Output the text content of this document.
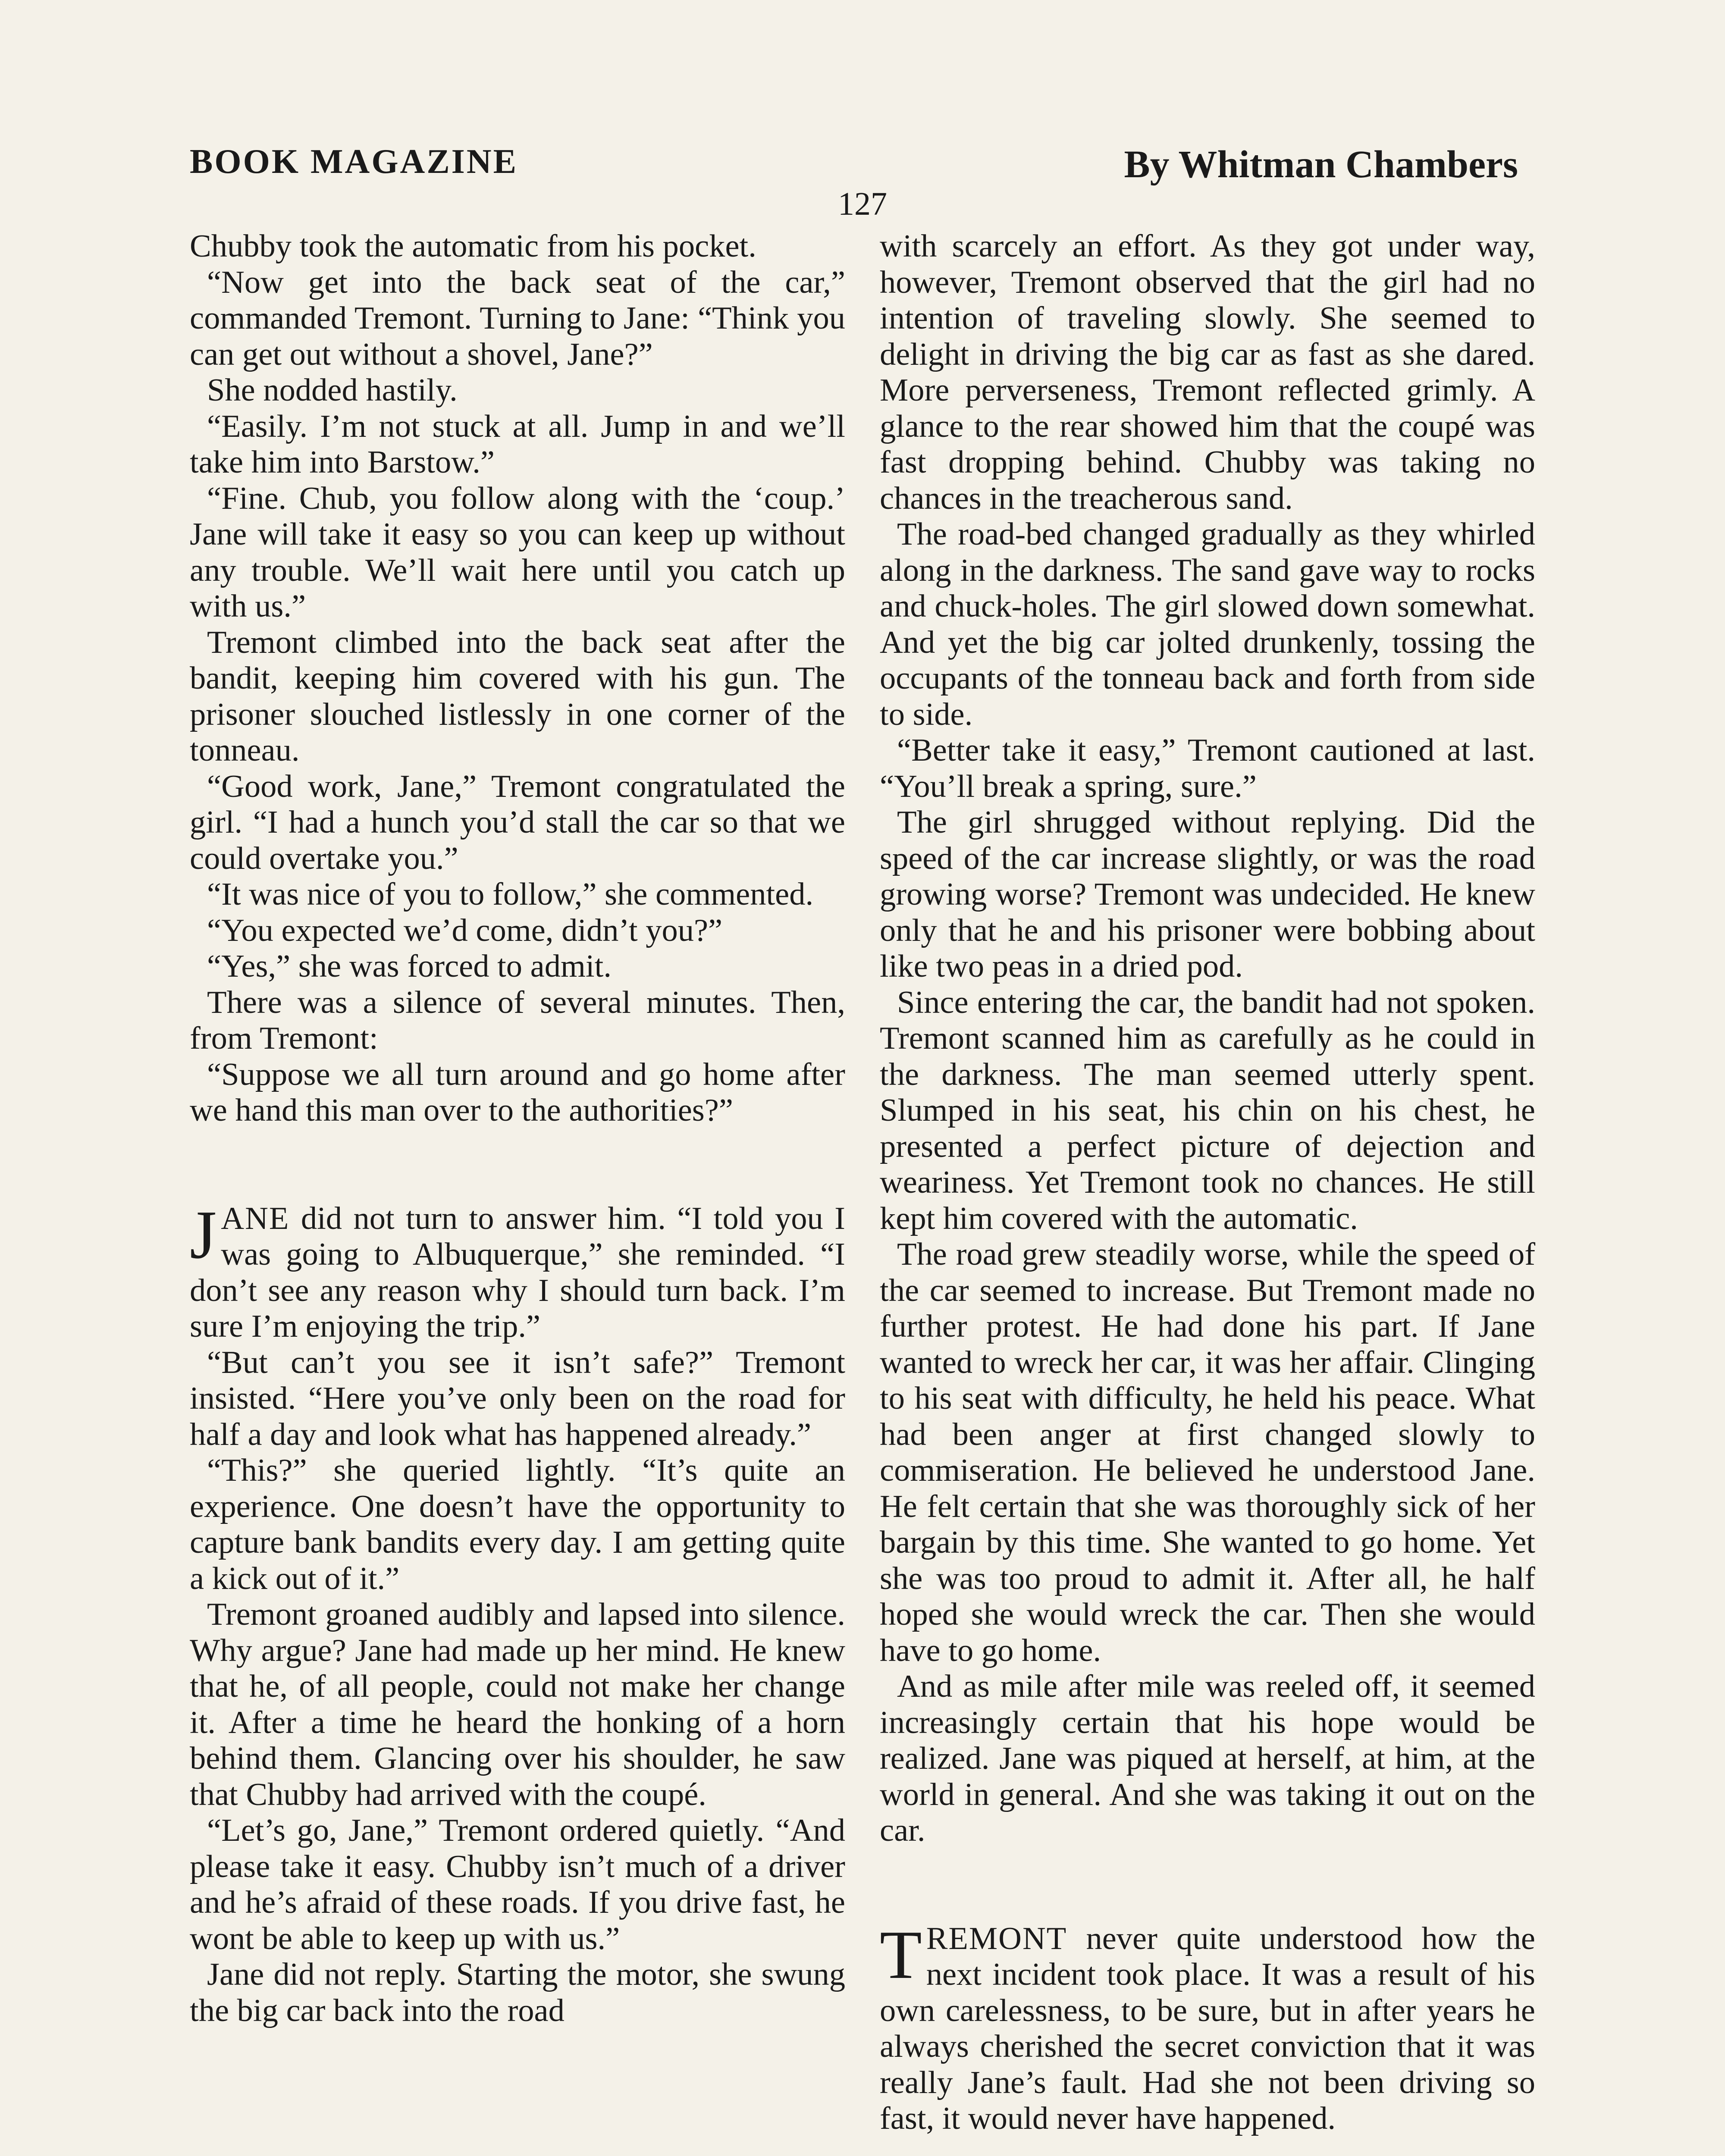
BOOK MAGAZINE	By Whitman Chambers
127

Chubby took the automatic from his pocket.

“Now get into the back seat of the car,” commanded Tremont. Turning to Jane: “Think you can get out without a shovel, Jane?”

She nodded hastily.

“Easily. I’m not stuck at all. Jump in and we’ll take him into Barstow.”

“Fine. Chub, you follow along with the ‘coup.’ Jane will take it easy so you can keep up without any trouble. We’ll wait here until you catch up with us.”

Tremont climbed into the back seat after the bandit, keeping him covered with his gun. The prisoner slouched listlessly in one corner of the tonneau.

“Good work, Jane,” Tremont congratulated the girl. “I had a hunch you’d stall the car so that we could overtake you.”

“It was nice of you to follow,” she commented.

“You expected we’d come, didn’t you?”

“Yes,” she was forced to admit.

There was a silence of several minutes. Then, from Tremont:

“Suppose we all turn around and go home after we hand this man over to the authorities?”

JANE did not turn to answer him. “I told you I was going to Albuquerque,” she reminded. “I don’t see any reason why I should turn back. I’m sure I’m enjoying the trip.”

“But can’t you see it isn’t safe?” Tremont insisted. “Here you’ve only been on the road for half a day and look what has happened already.”

“This?” she queried lightly. “It’s quite an experience. One doesn’t have the opportunity to capture bank bandits every day. I am getting quite a kick out of it.”

Tremont groaned audibly and lapsed into silence. Why argue? Jane had made up her mind. He knew that he, of all people, could not make her change it. After a time he heard the honking of a horn behind them. Glancing over his shoulder, he saw that Chubby had arrived with the coupé.

“Let’s go, Jane,” Tremont ordered quietly. “And please take it easy. Chubby isn’t much of a driver and he’s afraid of these roads. If you drive fast, he wont be able to keep up with us.”

Jane did not reply. Starting the motor, she swung the big car back into the road

with scarcely an effort. As they got under way, however, Tremont observed that the girl had no intention of traveling slowly. She seemed to delight in driving the big car as fast as she dared. More perverseness, Tremont reflected grimly. A glance to the rear showed him that the coupé was fast dropping behind. Chubby was taking no chances in the treacherous sand.

The road-bed changed gradually as they whirled along in the darkness. The sand gave way to rocks and chuck-holes. The girl slowed down somewhat. And yet the big car jolted drunkenly, tossing the occupants of the tonneau back and forth from side to side.

“Better take it easy,” Tremont cautioned at last. “You’ll break a spring, sure.”

The girl shrugged without replying. Did the speed of the car increase slightly, or was the road growing worse? Tremont was undecided. He knew only that he and his prisoner were bobbing about like two peas in a dried pod.

Since entering the car, the bandit had not spoken. Tremont scanned him as carefully as he could in the darkness. The man seemed utterly spent. Slumped in his seat, his chin on his chest, he presented a perfect picture of dejection and weariness. Yet Tremont took no chances. He still kept him covered with the automatic.

The road grew steadily worse, while the speed of the car seemed to increase. But Tremont made no further protest. He had done his part. If Jane wanted to wreck her car, it was her affair. Clinging to his seat with difficulty, he held his peace. What had been anger at first changed slowly to commiseration. He believed he understood Jane. He felt certain that she was thoroughly sick of her bargain by this time. She wanted to go home. Yet she was too proud to admit it. After all, he half hoped she would wreck the car. Then she would have to go home.

And as mile after mile was reeled off, it seemed increasingly certain that his hope would be realized. Jane was piqued at herself, at him, at the world in general. And she was taking it out on the car.

TREMONT never quite understood how the next incident took place. It was a result of his own carelessness, to be sure, but in after years he always cherished the secret conviction that it was really Jane’s fault. Had she not been driving so fast, it would never have happened.
